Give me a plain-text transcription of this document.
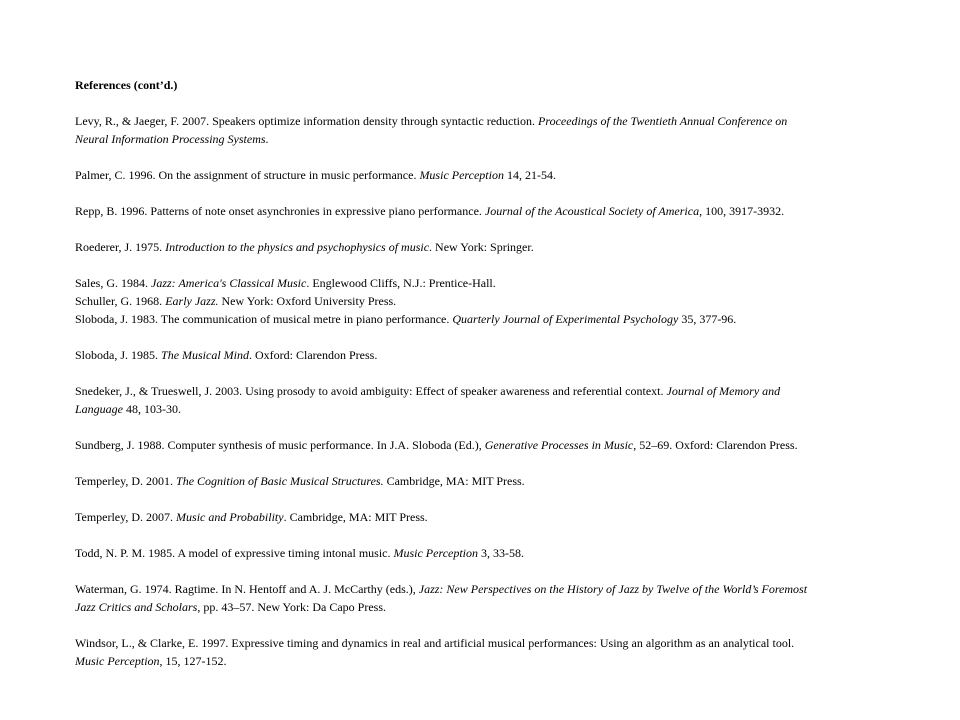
References (cont’d.)
Levy, R., & Jaeger, F. 2007. Speakers optimize information density through syntactic reduction. Proceedings of the Twentieth Annual Conference on Neural Information Processing Systems.
Palmer, C. 1996. On the assignment of structure in music performance. Music Perception 14, 21-54.
Repp, B. 1996. Patterns of note onset asynchronies in expressive piano performance. Journal of the Acoustical Society of America, 100, 3917-3932.
Roederer, J. 1975. Introduction to the physics and psychophysics of music. New York: Springer.
Sales, G. 1984. Jazz: America's Classical Music. Englewood Cliffs, N.J.: Prentice-Hall.
Schuller, G. 1968. Early Jazz. New York: Oxford University Press.
Sloboda, J. 1983. The communication of musical metre in piano performance. Quarterly Journal of Experimental Psychology 35, 377-96.
Sloboda, J. 1985. The Musical Mind. Oxford: Clarendon Press.
Snedeker, J., & Trueswell, J. 2003. Using prosody to avoid ambiguity: Effect of speaker awareness and referential context. Journal of Memory and Language 48, 103-30.
Sundberg, J. 1988. Computer synthesis of music performance. In J.A. Sloboda (Ed.), Generative Processes in Music, 52–69. Oxford: Clarendon Press.
Temperley, D. 2001. The Cognition of Basic Musical Structures. Cambridge, MA: MIT Press.
Temperley, D. 2007. Music and Probability. Cambridge, MA: MIT Press.
Todd, N. P. M. 1985. A model of expressive timing intonal music. Music Perception 3, 33-58.
Waterman, G. 1974. Ragtime. In N. Hentoff and A. J. McCarthy (eds.), Jazz: New Perspectives on the History of Jazz by Twelve of the World’s Foremost Jazz Critics and Scholars, pp. 43–57. New York: Da Capo Press.
Windsor, L., & Clarke, E. 1997. Expressive timing and dynamics in real and artificial musical performances: Using an algorithm as an analytical tool. Music Perception, 15, 127-152.
